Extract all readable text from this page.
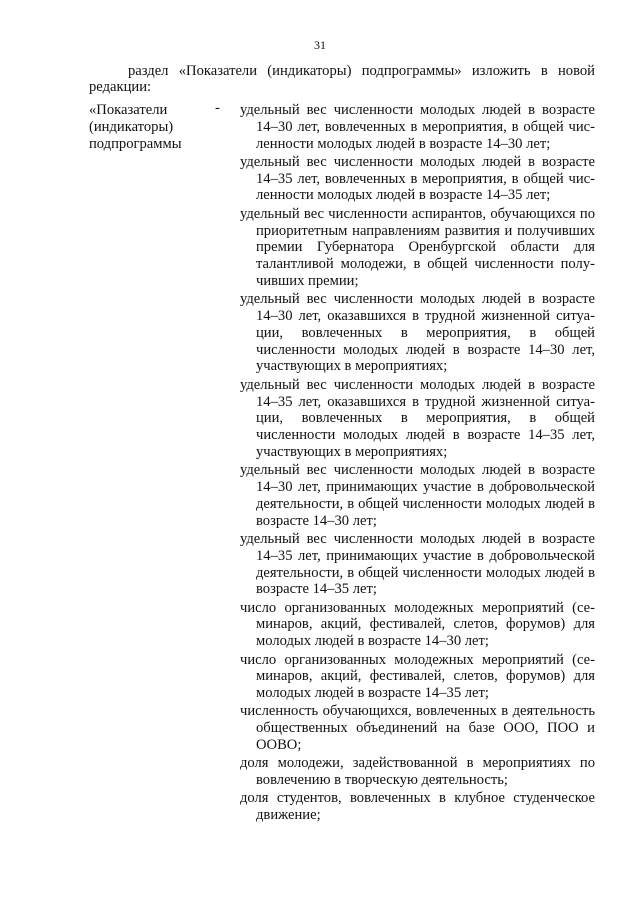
31
раздел «Показатели (индикаторы) подпрограммы» изложить в новой редакции:
«Показатели (индикаторы) подпрограммы
- удельный вес численности молодых людей в возрасте 14–30 лет, вовлеченных в мероприятия, в общей численности молодых людей в возрасте 14–30 лет;
удельный вес численности молодых людей в возрасте 14–35 лет, вовлеченных в мероприятия, в общей численности молодых людей в возрасте 14–35 лет;
удельный вес численности аспирантов, обучающихся по приоритетным направлениям развития и получивших премии Губернатора Оренбургской области для талантливой молодежи, в общей численности получивших премии;
удельный вес численности молодых людей в возрасте 14–30 лет, оказавшихся в трудной жизненной ситуации, вовлеченных в мероприятия, в общей численности молодых людей в возрасте 14–30 лет, участвующих в мероприятиях;
удельный вес численности молодых людей в возрасте 14–35 лет, оказавшихся в трудной жизненной ситуации, вовлеченных в мероприятия, в общей численности молодых людей в возрасте 14–35 лет, участвующих в мероприятиях;
удельный вес численности молодых людей в возрасте 14–30 лет, принимающих участие в добровольческой деятельности, в общей численности молодых людей в возрасте 14–30 лет;
удельный вес численности молодых людей в возрасте 14–35 лет, принимающих участие в добровольческой деятельности, в общей численности молодых людей в возрасте 14–35 лет;
число организованных молодежных мероприятий (семинаров, акций, фестивалей, слетов, форумов) для молодых людей в возрасте 14–30 лет;
число организованных молодежных мероприятий (семинаров, акций, фестивалей, слетов, форумов) для молодых людей в возрасте 14–35 лет;
численность обучающихся, вовлеченных в деятельность общественных объединений на базе ООО, ПОО и ООВО;
доля молодежи, задействованной в мероприятиях по вовлечению в творческую деятельность;
доля студентов, вовлеченных в клубное студенческое движение;
